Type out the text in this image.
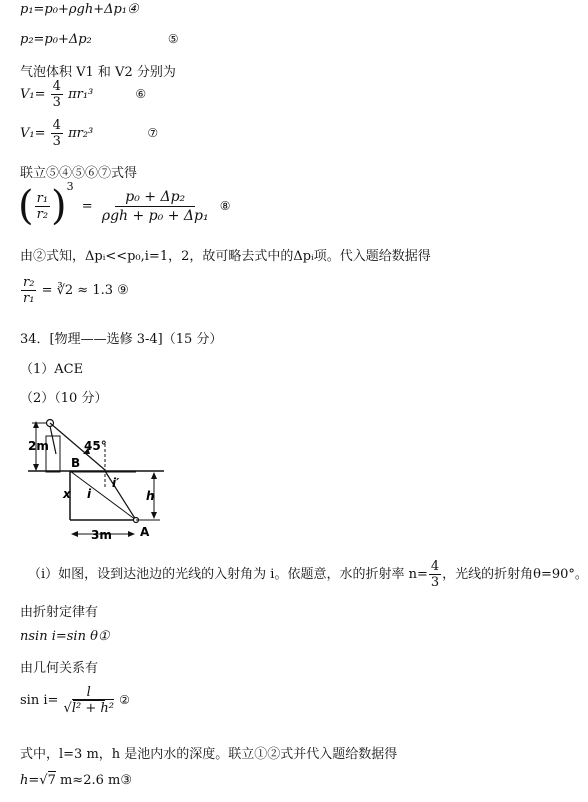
p₁=p₀+ρgh+Δp₁④
p₂=p₀+Δp₂	⑤
气泡体积 V1 和 V2 分别为
$V_1= \frac{4}{3} \pi r_1^3$	⑥
$V_1= \frac{4}{3} \pi r_2^3$	⑦
联立⑤④⑤⑥⑦式得
( $\frac{\text{r₁}}{\text{r₂}} )^3 = \frac{\text{p₀ + Δp₂}}{\text{ρgh + p₀ + Δp₁}}$ ⑧
由②式知，Δpᵢ<<p₀,i=1，2，故可略去式中的Δpᵢ项。代入题给数据得
$\frac{\text{r₂}}{\text{r₁}}$ = ∛2 ≈ 1.3 ⑨
34．[物理——选修 3-4]（15 分）
（1）ACE
（2）（10 分）
2m	45°
B
A
x i
i′
h
3m
（i）如图，设到达池边的光线的入射角为 i。依题意，水的折射率 $n= \frac{4}{3}$ ，光线的折射角θ=90°。
由折射定律有
nsin i=sin θ①
由几何关系有
$\sin i= \frac{l}{\text{√l² + h²}}$ ②
式中，l=3 m，h 是池内水的深度。联立①②式并代入题给数据得
h=√7 m≈2.6 m③
